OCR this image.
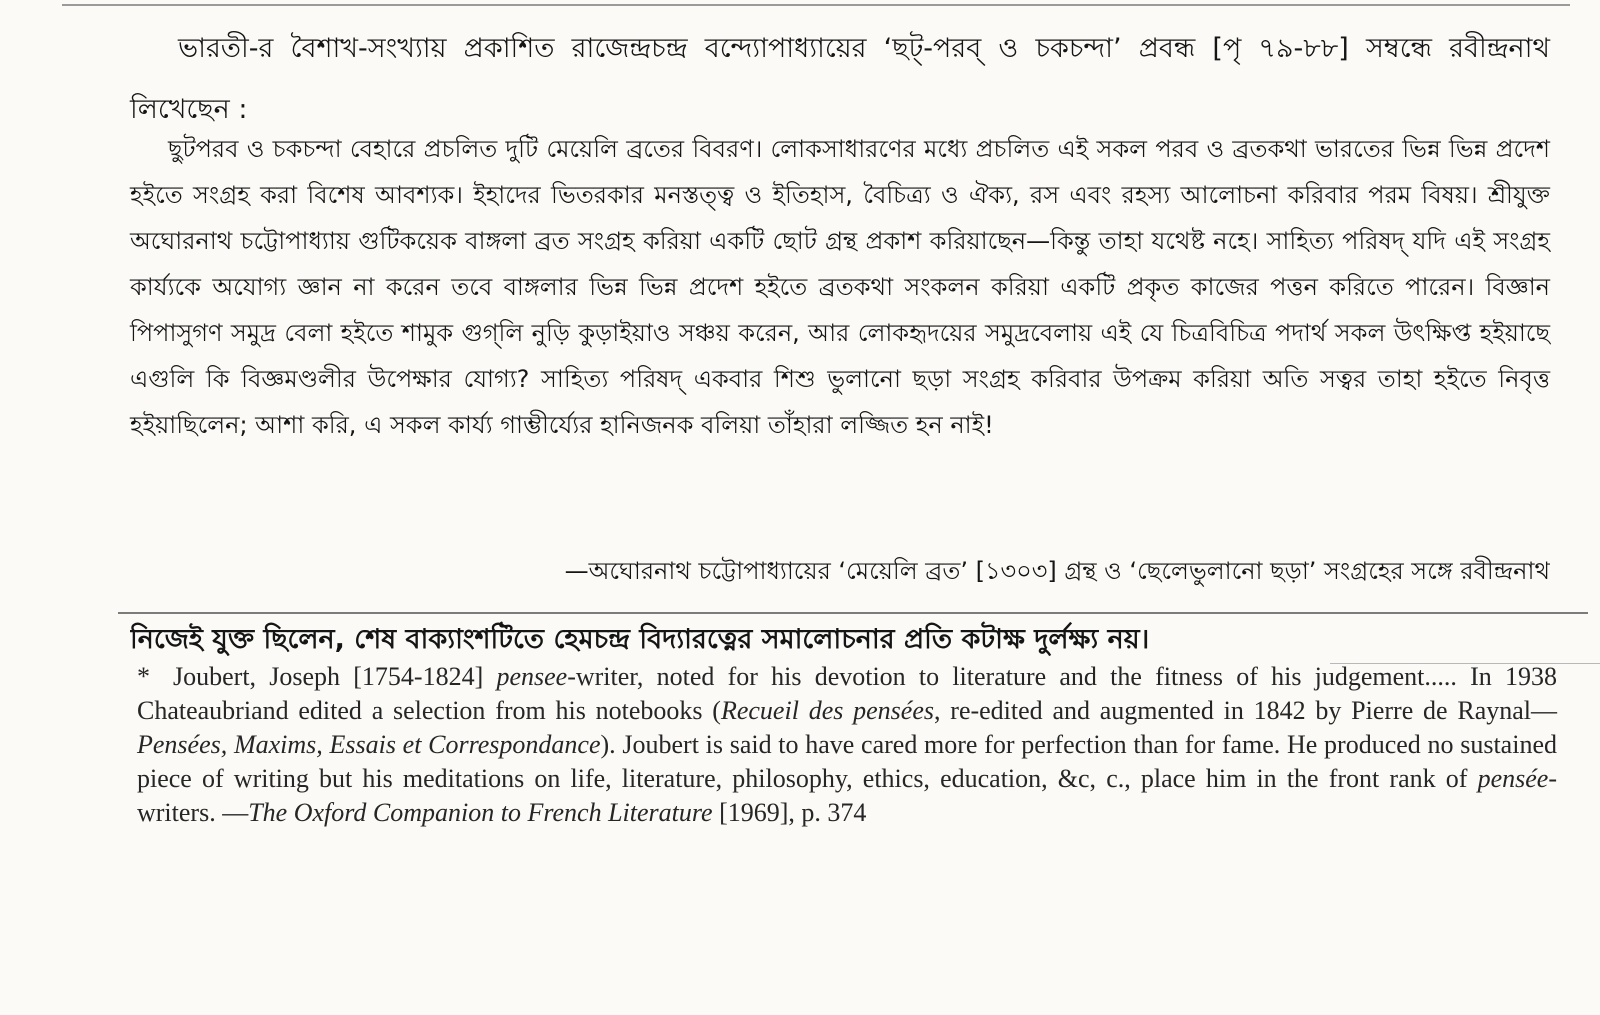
ভারতী-র বৈশাখ-সংখ্যায় প্রকাশিত রাজেন্দ্রচন্দ্র বন্দ্যোপাধ্যায়ের ‘ছট্-পরব্ ও চকচন্দা’ প্রবন্ধ [পৃ ৭৯-৮৮] সম্বন্ধে রবীন্দ্রনাথ লিখেছেন :

ছুটপরব ও চকচন্দা বেহারে প্রচলিত দুটি মেয়েলি ব্রতের বিবরণ। লোকসাধারণের মধ্যে প্রচলিত এই সকল পরব ও ব্রতকথা ভারতের ভিন্ন ভিন্ন প্রদেশ হইতে সংগ্রহ করা বিশেষ আবশ্যক। ইহাদের ভিতরকার মনস্তত্ত্ব ও ইতিহাস, বৈচিত্র্য ও ঐক্য, রস এবং রহস্য আলোচনা করিবার পরম বিষয়। শ্রীযুক্ত অঘোরনাথ চট্টোপাধ্যায় গুটিকয়েক বাঙ্গলা ব্রত সংগ্রহ করিয়া একটি ছোট গ্রন্থ প্রকাশ করিয়াছেন—কিন্তু তাহা যথেষ্ট নহে। সাহিত্য পরিষদ্ যদি এই সংগ্রহ কার্য্যকে অযোগ্য জ্ঞান না করেন তবে বাঙ্গলার ভিন্ন ভিন্ন প্রদেশ হইতে ব্রতকথা সংকলন করিয়া একটি প্রকৃত কাজের পত্তন করিতে পারেন। বিজ্ঞান পিপাসুগণ সমুদ্র বেলা হইতে শামুক গুগ্‌লি নুড়ি কুড়াইয়াও সঞ্চয় করেন, আর লোকহৃদয়ের সমুদ্রবেলায় এই যে চিত্রবিচিত্র পদার্থ সকল উৎক্ষিপ্ত হইয়াছে এগুলি কি বিজ্ঞমণ্ডলীর উপেক্ষার যোগ্য? সাহিত্য পরিষদ্ একবার শিশু ভুলানো ছড়া সংগ্রহ করিবার উপক্রম করিয়া অতি সত্বর তাহা হইতে নিবৃত্ত হইয়াছিলেন; আশা করি, এ সকল কার্য্য গাম্ভীর্য্যের হানিজনক বলিয়া তাঁহারা লজ্জিত হন নাই!

—অঘোরনাথ চট্টোপাধ্যায়ের ‘মেয়েলি ব্রত’ [১৩০৩] গ্রন্থ ও ‘ছেলেভুলানো ছড়া’ সংগ্রহের সঙ্গে রবীন্দ্রনাথ

নিজেই যুক্ত ছিলেন, শেষ বাক্যাংশটিতে হেমচন্দ্র বিদ্যারত্নের সমালোচনার প্রতি কটাক্ষ দুর্লক্ষ্য নয়।

* Joubert, Joseph [1754-1824] pensee-writer, noted for his devotion to literature and the fitness of his judgement..... In 1938 Chateaubriand edited a selection from his notebooks (Recueil des pensées, re-edited and augmented in 1842 by Pierre de Raynal—Pensées, Maxims, Essais et Correspondance). Joubert is said to have cared more for perfection than for fame. He produced no sustained piece of writing but his meditations on life, literature, philosophy, ethics, education, &c, c., place him in the front rank of pensée-writers. —The Oxford Companion to French Literature [1969], p. 374
